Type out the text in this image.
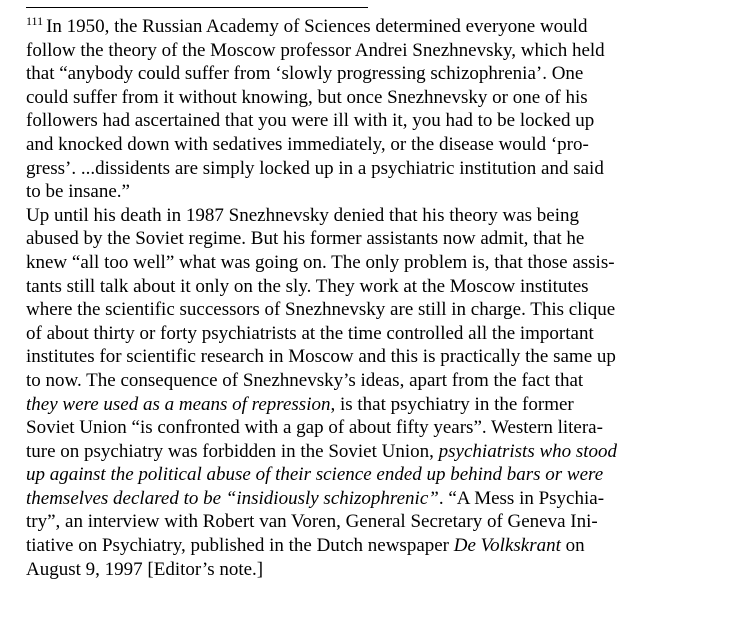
$^{111}$ In 1950, the Russian Academy of Sciences determined everyone would
follow the theory of the Moscow professor Andrei Snezhnevsky, which held
that “anybody could suffer from ‘slowly progressing schizophrenia’. One
could suffer from it without knowing, but once Snezhnevsky or one of his
followers had ascertained that you were ill with it, you had to be locked up
and knocked down with sedatives immediately, or the disease would ‘pro-
gress’. ...dissidents are simply locked up in a psychiatric institution and said
to be insane.”
Up until his death in 1987 Snezhnevsky denied that his theory was being
abused by the Soviet regime. But his former assistants now admit, that he
knew “all too well” what was going on. The only problem is, that those assis-
tants still talk about it only on the sly. They work at the Moscow institutes
where the scientific successors of Snezhnevsky are still in charge. This clique
of about thirty or forty psychiatrists at the time controlled all the important
institutes for scientific research in Moscow and this is practically the same up
to now. The consequence of Snezhnevsky’s ideas, apart from the fact that
they were used as a means of repression, is that psychiatry in the former
Soviet Union “is confronted with a gap of about fifty years”. Western litera-
ture on psychiatry was forbidden in the Soviet Union, psychiatrists who stood
up against the political abuse of their science ended up behind bars or were
themselves declared to be “insidiously schizophrenic”. “A Mess in Psychia-
try”, an interview with Robert van Voren, General Secretary of Geneva Ini-
tiative on Psychiatry, published in the Dutch newspaper De Volkskrant on
August 9, 1997 [Editor’s note.]
